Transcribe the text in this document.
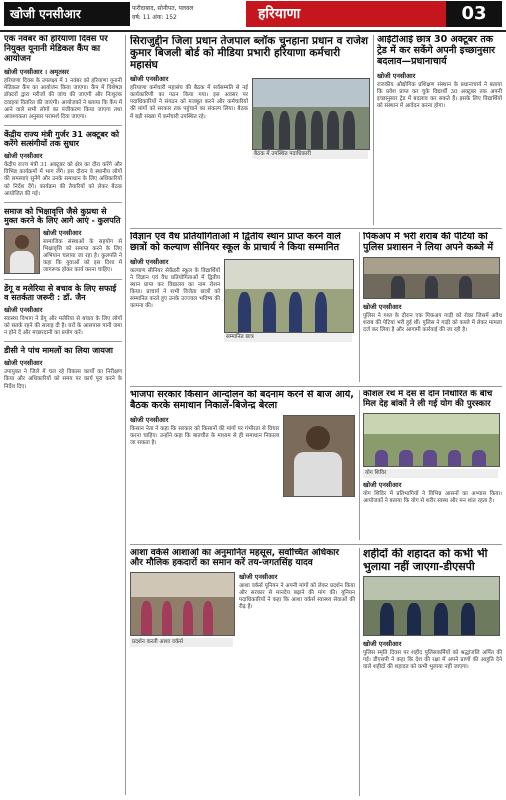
खोजी एनसीआर	फरीदाबाद, सोनीपत, पलवल
वर्ष: 11 अंक: 152	हरियाणा	03
एक नवंबर को हरियाणा दिवस पर नियुक्त यूनानी मेडिकल कैंप का आयोजन
खोजी एनसीआर । अमृतसर

हरियाणा दिवस के उपलक्ष्य में 1 नवंबर को हरियाणा यूनानी मेडिकल कैंप का आयोजन किया जाएगा। कैंप में विशेषज्ञ डॉक्टरों द्वारा मरीजों की जांच की जाएगी और निःशुल्क दवाइयां वितरित की जाएंगी। आयोजकों ने बताया कि कैंप में आने वाले सभी लोगों का पंजीकरण किया जाएगा तथा आवश्यकता अनुसार परामर्श दिया जाएगा।

केंद्रीय राज्य मंत्री गुर्जर 31 अक्टूबर को करेंगे सत्संगीयों तक सुधार
खोजी एनसीआर

केंद्रीय राज्य मंत्री 31 अक्टूबर को क्षेत्र का दौरा करेंगे और विभिन्न कार्यक्रमों में भाग लेंगे। इस दौरान वे स्थानीय लोगों की समस्याएं सुनेंगे और उनके समाधान के लिए अधिकारियों को निर्देश देंगे। कार्यक्रम की तैयारियों को लेकर बैठक आयोजित की गई।

समाज को भिक्षावृत्ति जैसे कुप्रथा से मुक्त करने के लिए आगे आएं - कुलपति
खोजी एनसीआर

सामाजिक संस्थाओं के सहयोग से भिक्षावृत्ति को समाप्त करने के लिए अभियान चलाया जा रहा है। कुलपति ने कहा कि युवाओं को इस दिशा में जागरूक होकर कार्य करना चाहिए।

डेंगू व मलेरिया से बचाव के लिए सफाई व सतर्कता जरूरी : डॉ. जैन
खोजी एनसीआर

स्वास्थ्य विभाग ने डेंगू और मलेरिया से बचाव के लिए लोगों को सतर्क रहने की सलाह दी है। घरों के आसपास पानी जमा न होने दें और मच्छरदानी का प्रयोग करें।

डीसी ने पांच मामलों का लिया जायजा
खोजी एनसीआर

उपायुक्त ने जिले में चल रहे विकास कार्यों का निरीक्षण किया और अधिकारियों को समय पर कार्य पूरा करने के निर्देश दिए।

सिराजुद्दीन जिला प्रधान तेजपाल ब्लॉक चुनहाना प्रधान व राजेश कुमार बिजली बोर्ड को मीडिया प्रभारी हरियाणा कर्मचारी महासंघ
खोजी एनसीआर

हरियाणा कर्मचारी महासंघ की बैठक में सर्वसम्मति से नई कार्यकारिणी का गठन किया गया। इस अवसर पर पदाधिकारियों ने संगठन को मजबूत करने और कर्मचारियों की मांगों को सरकार तक पहुंचाने का संकल्प लिया। बैठक में बड़ी संख्या में कर्मचारी उपस्थित रहे।

बैठक में उपस्थित पदाधिकारी
आईटीआई छात्र 30 अक्टूबर तक ट्रेड में कर सकेंगे अपनी इच्छानुसार बदलाव—प्रधानाचार्य
खोजी एनसीआर

राजकीय औद्योगिक प्रशिक्षण संस्थान के प्रधानाचार्य ने बताया कि प्रवेश प्राप्त कर चुके विद्यार्थी 30 अक्टूबर तक अपनी इच्छानुसार ट्रेड में बदलाव कर सकते हैं। इसके लिए विद्यार्थियों को संस्थान में आवेदन करना होगा।

विज्ञान एवं वैध प्रतियोगिताओं में द्वितीय स्थान प्राप्त करने वाले छात्रों को कल्याण सीनियर स्कूल के प्राचार्य ने किया सम्मानित
खोजी एनसीआर

कल्याण सीनियर सेकेंडरी स्कूल के विद्यार्थियों ने विज्ञान एवं वैध प्रतियोगिताओं में द्वितीय स्थान प्राप्त कर विद्यालय का नाम रोशन किया। प्राचार्य ने सभी विजेता छात्रों को सम्मानित करते हुए उनके उज्ज्वल भविष्य की कामना की।

सम्मानित छात्र
पिकअप में भरी शराब की पेटियों को पुलिस प्रशासन ने लिया अपने कब्जे में
खोजी एनसीआर

पुलिस ने गश्त के दौरान एक पिकअप गाड़ी को रोका जिसमें अवैध शराब की पेटियां भरी हुई थीं। पुलिस ने गाड़ी को कब्जे में लेकर मामला दर्ज कर लिया है और आगामी कार्रवाई की जा रही है।

भाजपा सरकार किसान आन्दोलन को बदनाम करने से बाज आये, बैठक करके समाधान निकालें-बिजेन्द्र बेरला
खोजी एनसीआर

किसान नेता ने कहा कि सरकार को किसानों की मांगों पर गंभीरता से विचार करना चाहिए। उन्होंने कहा कि बातचीत के माध्यम से ही समाधान निकाला जा सकता है।

कौशल रथ में दस से दोन निर्धारित के बीच मिल देह बांकों ने ली गई योग की पुरस्कार
योग शिविर
खोजी एनसीआर

योग शिविर में प्रतिभागियों ने विभिन्न आसनों का अभ्यास किया। आयोजकों ने बताया कि योग से शरीर स्वस्थ और मन शांत रहता है।

आशा वर्कर्स आशाओं का अनुमानित महसूस, सर्वोच्चित अधिकार और मौलिक हकदारों का समान करें तय-जगतसिंह यादव
प्रदर्शन करती आशा वर्कर्स
खोजी एनसीआर

आशा वर्कर्स यूनियन ने अपनी मांगों को लेकर प्रदर्शन किया और सरकार से मानदेय बढ़ाने की मांग की। यूनियन पदाधिकारियों ने कहा कि आशा वर्कर्स स्वास्थ्य सेवाओं की रीढ़ हैं।

शहीदों की शहादत को कभी भी भुलाया नहीं जाएगा-डीएसपी
खोजी एनसीआर

पुलिस स्मृति दिवस पर शहीद पुलिसकर्मियों को श्रद्धांजलि अर्पित की गई। डीएसपी ने कहा कि देश की रक्षा में अपने प्राणों की आहुति देने वाले शहीदों की शहादत को कभी भुलाया नहीं जाएगा।
